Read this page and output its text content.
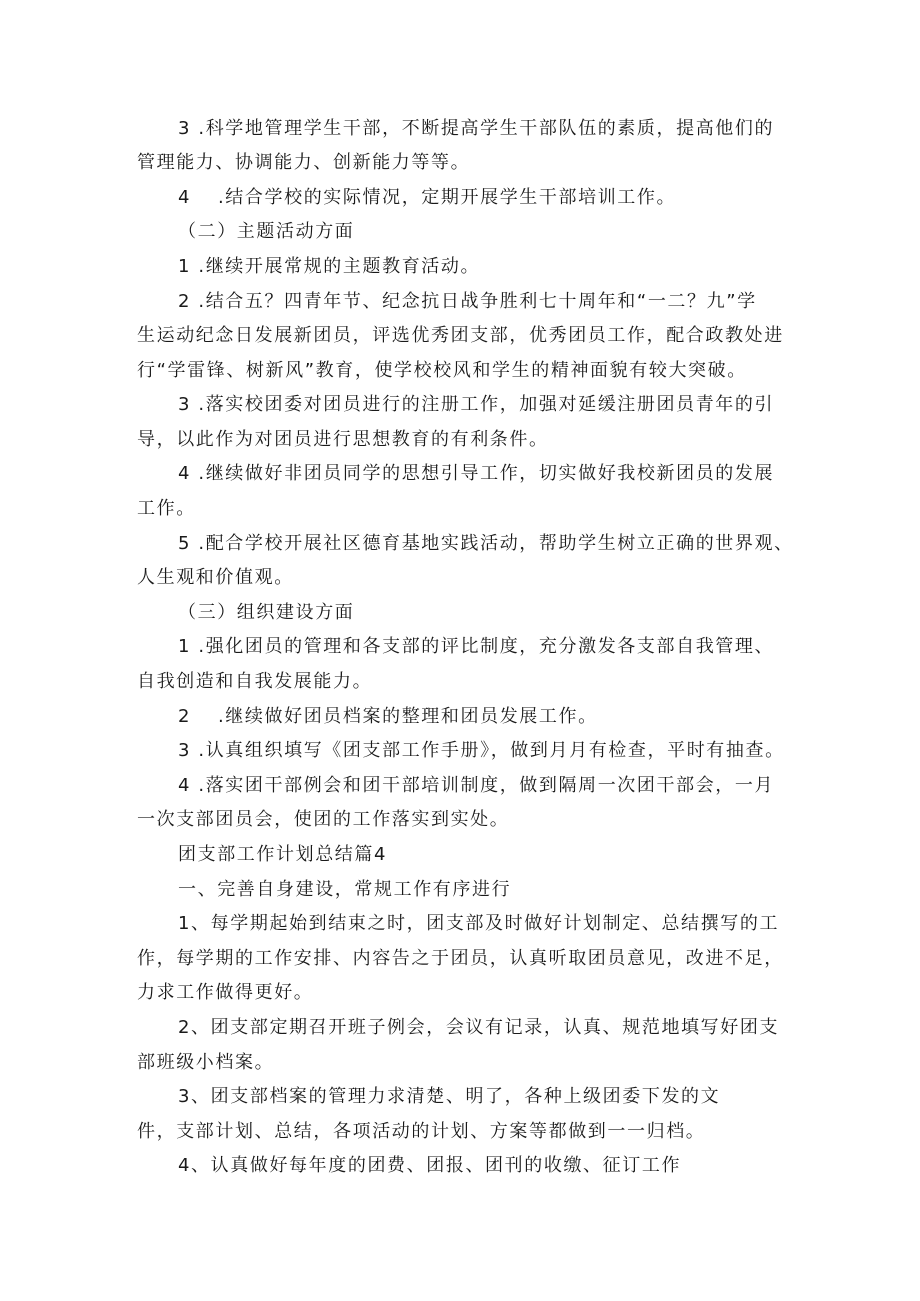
3 .科学地管理学生干部，不断提高学生干部队伍的素质，提高他们的
管理能力、协调能力、创新能力等等。
4　 .结合学校的实际情况，定期开展学生干部培训工作。
（二）主题活动方面
1 .继续开展常规的主题教育活动。
2 .结合五？四青年节、纪念抗日战争胜利七十周年和“一二？九”学
生运动纪念日发展新团员，评选优秀团支部，优秀团员工作，配合政教处进
行“学雷锋、树新风”教育，使学校校风和学生的精神面貌有较大突破。
3 .落实校团委对团员进行的注册工作，加强对延缓注册团员青年的引
导，以此作为对团员进行思想教育的有利条件。
4 .继续做好非团员同学的思想引导工作，切实做好我校新团员的发展
工作。
5 .配合学校开展社区德育基地实践活动，帮助学生树立正确的世界观、
人生观和价值观。
（三）组织建设方面
1 .强化团员的管理和各支部的评比制度，充分激发各支部自我管理、
自我创造和自我发展能力。
2　 .继续做好团员档案的整理和团员发展工作。
3 .认真组织填写《团支部工作手册》，做到月月有检查，平时有抽查。
4 .落实团干部例会和团干部培训制度，做到隔周一次团干部会，一月
一次支部团员会，使团的工作落实到实处。
团支部工作计划总结篇4
一、完善自身建设，常规工作有序进行
1、每学期起始到结束之时，团支部及时做好计划制定、总结撰写的工
作，每学期的工作安排、内容告之于团员，认真听取团员意见，改进不足，
力求工作做得更好。
2、团支部定期召开班子例会，会议有记录，认真、规范地填写好团支
部班级小档案。
3、团支部档案的管理力求清楚、明了，各种上级团委下发的文
件，支部计划、总结，各项活动的计划、方案等都做到一一归档。
4、认真做好每年度的团费、团报、团刊的收缴、征订工作
